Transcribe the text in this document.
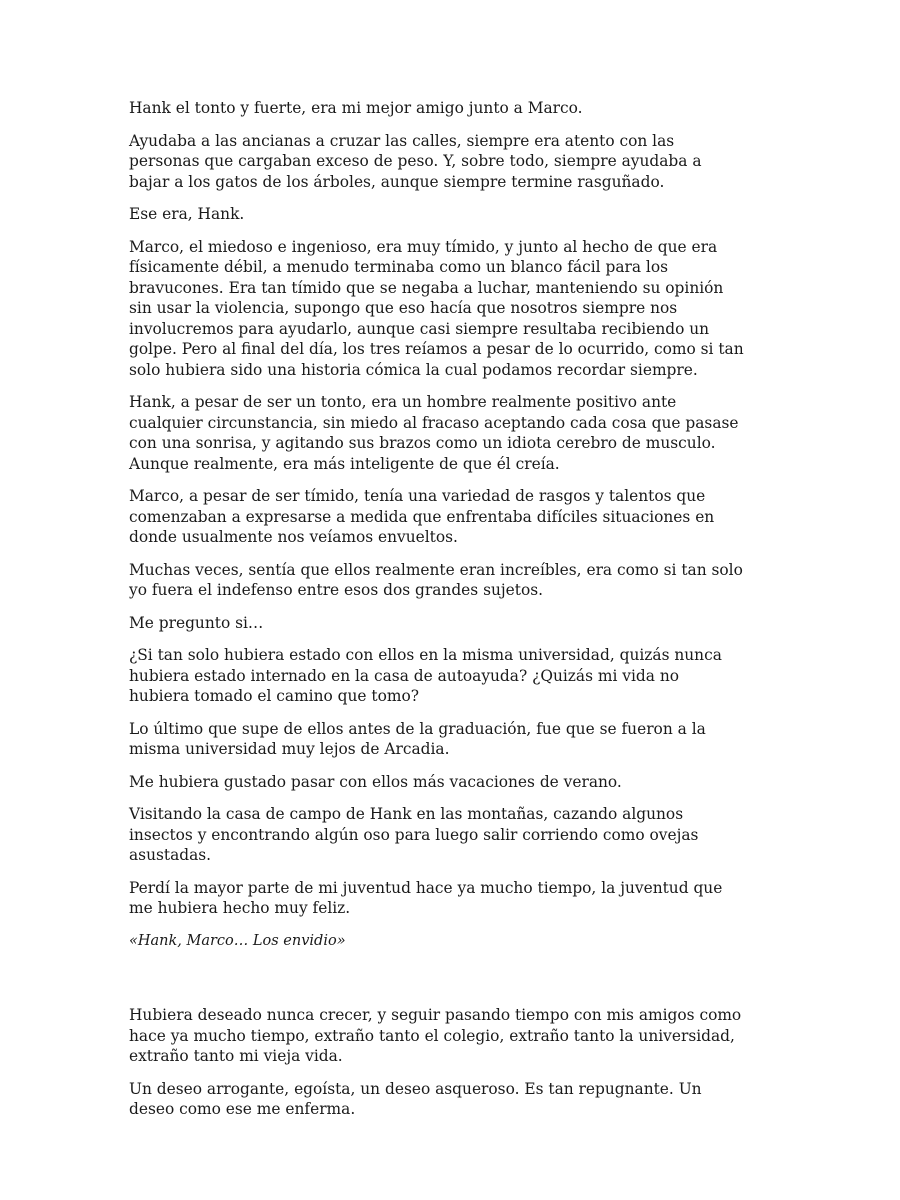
Hank el tonto y fuerte, era mi mejor amigo junto a Marco.

Ayudaba a las ancianas a cruzar las calles, siempre era atento con las
personas que cargaban exceso de peso. Y, sobre todo, siempre ayudaba a
bajar a los gatos de los árboles, aunque siempre termine rasguñado.

Ese era, Hank.

Marco, el miedoso e ingenioso, era muy tímido, y junto al hecho de que era
físicamente débil, a menudo terminaba como un blanco fácil para los
bravucones. Era tan tímido que se negaba a luchar, manteniendo su opinión
sin usar la violencia, supongo que eso hacía que nosotros siempre nos
involucremos para ayudarlo, aunque casi siempre resultaba recibiendo un
golpe. Pero al final del día, los tres reíamos a pesar de lo ocurrido, como si tan
solo hubiera sido una historia cómica la cual podamos recordar siempre.

Hank, a pesar de ser un tonto, era un hombre realmente positivo ante
cualquier circunstancia, sin miedo al fracaso aceptando cada cosa que pasase
con una sonrisa, y agitando sus brazos como un idiota cerebro de musculo.
Aunque realmente, era más inteligente de que él creía.

Marco, a pesar de ser tímido, tenía una variedad de rasgos y talentos que
comenzaban a expresarse a medida que enfrentaba difíciles situaciones en
donde usualmente nos veíamos envueltos.

Muchas veces, sentía que ellos realmente eran increíbles, era como si tan solo
yo fuera el indefenso entre esos dos grandes sujetos.

Me pregunto si…

¿Si tan solo hubiera estado con ellos en la misma universidad, quizás nunca
hubiera estado internado en la casa de autoayuda? ¿Quizás mi vida no
hubiera tomado el camino que tomo?

Lo último que supe de ellos antes de la graduación, fue que se fueron a la
misma universidad muy lejos de Arcadia.

Me hubiera gustado pasar con ellos más vacaciones de verano.

Visitando la casa de campo de Hank en las montañas, cazando algunos
insectos y encontrando algún oso para luego salir corriendo como ovejas
asustadas.

Perdí la mayor parte de mi juventud hace ya mucho tiempo, la juventud que
me hubiera hecho muy feliz.

«Hank, Marco… Los envidio»

Hubiera deseado nunca crecer, y seguir pasando tiempo con mis amigos como
hace ya mucho tiempo, extraño tanto el colegio, extraño tanto la universidad,
extraño tanto mi vieja vida.

Un deseo arrogante, egoísta, un deseo asqueroso. Es tan repugnante. Un
deseo como ese me enferma.
